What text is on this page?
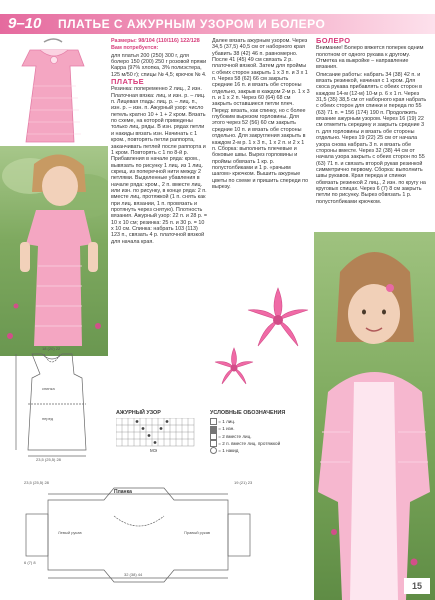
9–10 ПЛАТЬЕ С АЖУРНЫМ УЗОРОМ И БОЛЕРО

Размеры: 98/104 (110/116) 122/128

Вам потребуется:

для платья 200 (250) 300 г, для болеро 150 (200) 250 г розовой пряжи Карра (97% хлопка, 3% полиэстера, 125 м/50 г); спицы № 4,5; крючок № 4.

ПЛАТЬЕ

Резинка: попеременно 2 лиц., 2 изн. Платочная вязка: лиц. и изн. р. – лиц. п. Лицевая гладь: лиц. р. – лиц. п., изн. р. – изн. п. Ажурный узор: число петель кратно 10 + 1 + 2 кром. Вязать по схеме, на которой приведены только лиц. ряды. В изн. рядах петли и накиды вязать изн. Начинать с 1 кром., повторять петли раппорта, заканчивать петлей после раппорта и 1 кром. Повторять с 1 по 8-й р. Прибавления в начале ряда: кром., вывязать по рисунку 1 лиц. из 1 лиц. скрещ. из поперечной нити между 2 петлями. Выделенные убавления в начале ряда: кром., 2 п. вместе лиц. или изн. по рисунку, в конце ряда: 2 п. вместе лиц. протяжкой (1 п. снять как при лиц. вязании, 1 п. провязать и протянуть через снятую). Плотность вязания. Ажурный узор: 22 п. и 28 р. = 10 х 10 см; резинка: 25 п. и 30 р. = 10 х 10 см. Спинка: набрать 103 (113) 123 п., связать 4 р. платочной вязкой для начала края.

Далее вязать ажурным узором. Через 34,5 (37,5) 40,5 см от наборного края убавить 38 (42) 46 п. равномерно. После 41 (45) 49 см связать 2 р. платочной вязкой. Затем для проймы с обеих сторон закрыть 1 х 3 п. и 3 х 1 п. Через 58 (62) 66 см закрыть средние 16 п. и вязать обе стороны отдельно, закрыв в каждом 2-м р. 1 х 3 п. и 1 х 2 п. Через 60 (64) 68 см закрыть оставшиеся петли плеч. Перед: вязать, как спинку, но с более глубоким вырезом горловины. Для этого через 52 (56) 60 см закрыть средние 10 п. и вязать обе стороны отдельно. Для закругления закрыть в каждом 2-м р. 1 х 3 п., 1 х 2 п. и 2 х 1 п. Сборка: выполнить плечевые и боковые швы. Вырез горловины и проймы обвязать 1 кр. р. полустолбиками и 1 р. «рачьим шагом» крючком. Вышить ажурные цветы по схеме и пришить спереди по вырезу.

БОЛЕРО

Внимание! Болеро вяжется поперек одним полотном от одного рукава к другому. Отметка на выкройке – направление вязания.

Описание работы: набрать 34 (38) 42 п. и вязать резинкой, начиная с 1 кром. Для скоса рукава прибавлять с обеих сторон в каждом 14-м (12-м) 10-м р. 6 х 1 п. Через 31,5 (35) 38,5 см от наборного края набрать с обеих сторон для спинки и переда по 55 (63) 71 п. = 156 (174) 190 п. Продолжить вязание ажурным узором. Через 16 (19) 22 см отметить середину и закрыть средние 3 п. для горловины и вязать обе стороны отдельно. Через 19 (22) 25 см от начала узора снова набрать 3 п. и вязать обе стороны вместе. Через 32 (38) 44 см от начала узора закрыть с обеих сторон по 55 (63) 71 п. и связать второй рукав резинкой симметрично первому. Сборка: выполнить швы рукавов. Края переда и спинки обвязать резинкой 2 лиц., 2 изн. по кругу на круговых спицах. Через 6 (7) 8 см закрыть петли по рисунку. Вырез обвязать 1 р. полустолбиками крючком.

перед
спинка
23,5 (25,5) 28
18 (20) 22
АЖУРНЫЙ УЗОР
МЭ
УСЛОВНЫЕ ОБОЗНАЧЕНИЯ
= 1 лиц.
= 1 изн.
= 2 вместе лиц.
= 2 п. вместе лиц. протяжкой
= 1 накид
Планка
Левый рукав	Правый рукав
23,5 (25,5) 28
32 (38) 44
19 (21) 23
6 (7) 8
15
